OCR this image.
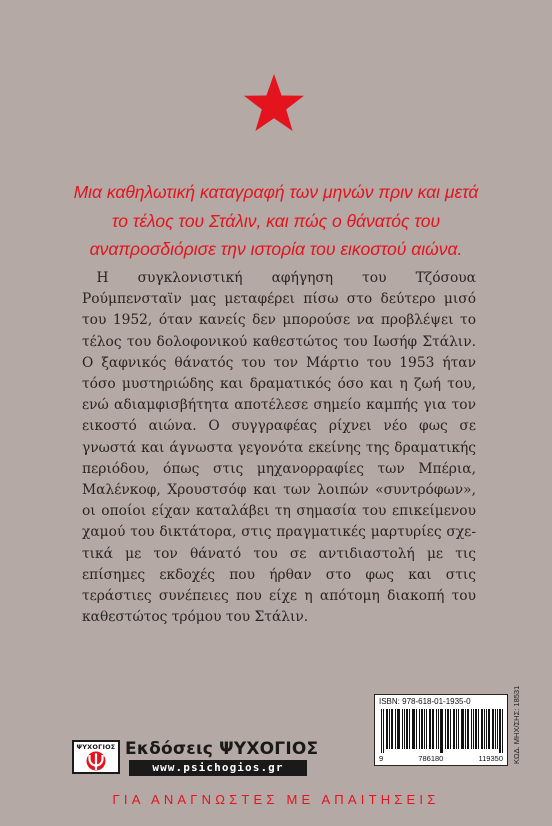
Μια καθηλωτική καταγραφή των μηνών πριν και μετά
το τέλος του Στάλιν, και πώς ο θάνατός του
αναπροσδιόρισε την ιστορία του εικοστού αιώνα.
Η συγκλονιστική αφήγηση του Τζόσουα Ρούμπενσταϊν μας μεταφέρει πίσω στο δεύτερο μισό του 1952, όταν κανείς δεν μπορούσε να προβλέψει το τέλος του δολοφονικού καθεστώτος του Ιωσήφ Στάλιν. Ο ξαφνικός θάνατός του τον Μάρτιο του 1953 ήταν τόσο μυστηριώδης και δραματικός όσο και η ζωή του, ενώ αδιαμφισβήτητα αποτέλεσε σημείο καμπής για τον εικοστό αιώνα. Ο συγγραφέας ρίχνει νέο φως σε γνωστά και άγνωστα γεγονότα εκείνης της δραματικής περιόδου, όπως στις μηχανορραφίες των Μπέρια, Μαλένκοφ, Χρουστσόφ και των λοιπών «συντρόφων», οι οποίοι είχαν καταλάβει τη σημασία του επικείμενου χαμού του δικτάτορα, στις πραγματικές μαρτυρίες σχετικά με τον θάνατό του σε αντιδιαστολή με τις επίσημες εκδοχές που ήρθαν στο φως και στις τεράστιες συνέπειες που είχε η απότομη διακοπή του καθεστώτος τρόμου του Στάλιν.
ISBN: 978-618-01-1935-0
9	786180	119350 ΚΩΔ. ΜΗΧ/ΣΗΣ: 18531
ΨΥΧΟΓΙΟΣ Εκδόσεις ΨΥΧΟΓΙΟΣ
www.psichogios.gr
ΓΙΑ ΑΝΑΓΝΩΣΤΕΣ ΜΕ ΑΠΑΙΤΗΣΕΙΣ
